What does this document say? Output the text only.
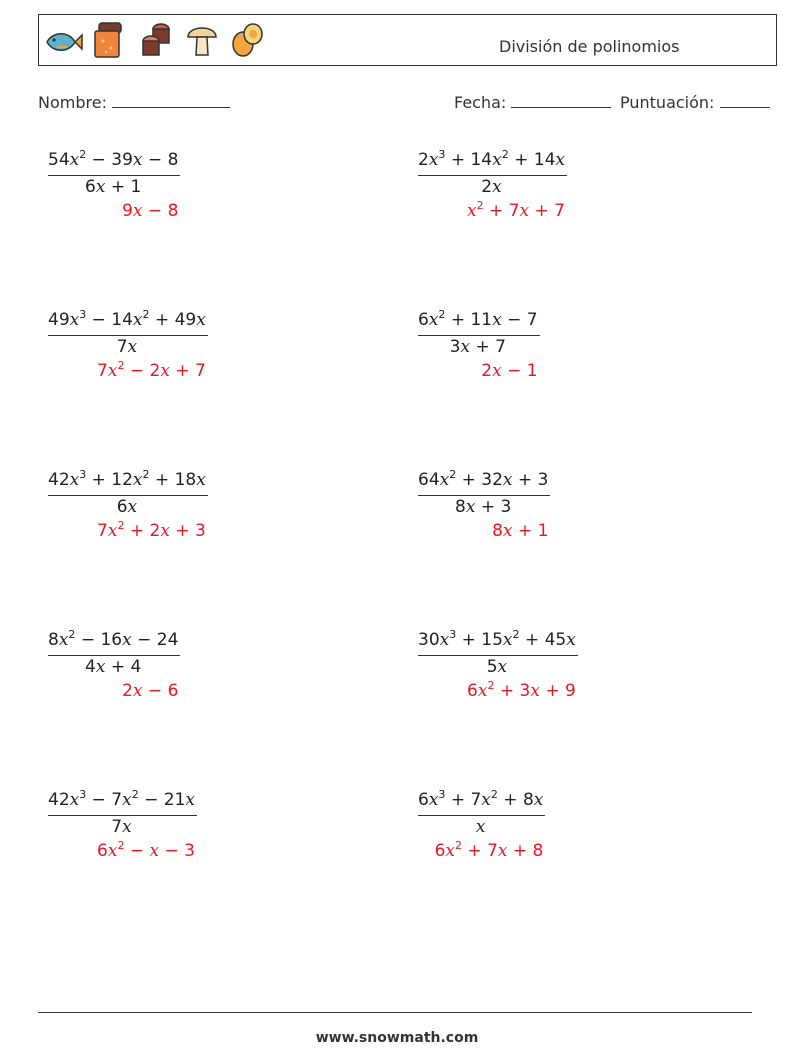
División de polinomios
Nombre:	Fecha:	Puntuación:
$54x^2 - 39x - 8$
6x + 1
9x − 8
$2x^3 + 14x^2 + 14x$
2x
$x^2 + 7x + 7$
$49x^3 - 14x^2 + 49x$
7x
$7x^2 - 2x + 7$
$6x^2 + 11x - 7$
3x + 7
2x − 1
$42x^3 + 12x^2 + 18x$
6x
$7x^2 + 2x + 3$
$64x^2 + 32x + 3$
8x + 3
8x + 1
$8x^2 - 16x - 24$
4x + 4
2x − 6
$30x^3 + 15x^2 + 45x$
5x
$6x^2 + 3x + 9$
$42x^3 - 7x^2 - 21x$
7x
$6x^2 - x - 3$
$6x^3 + 7x^2 + 8x$
x
$6x^2 + 7x + 8$
www.snowmath.com
